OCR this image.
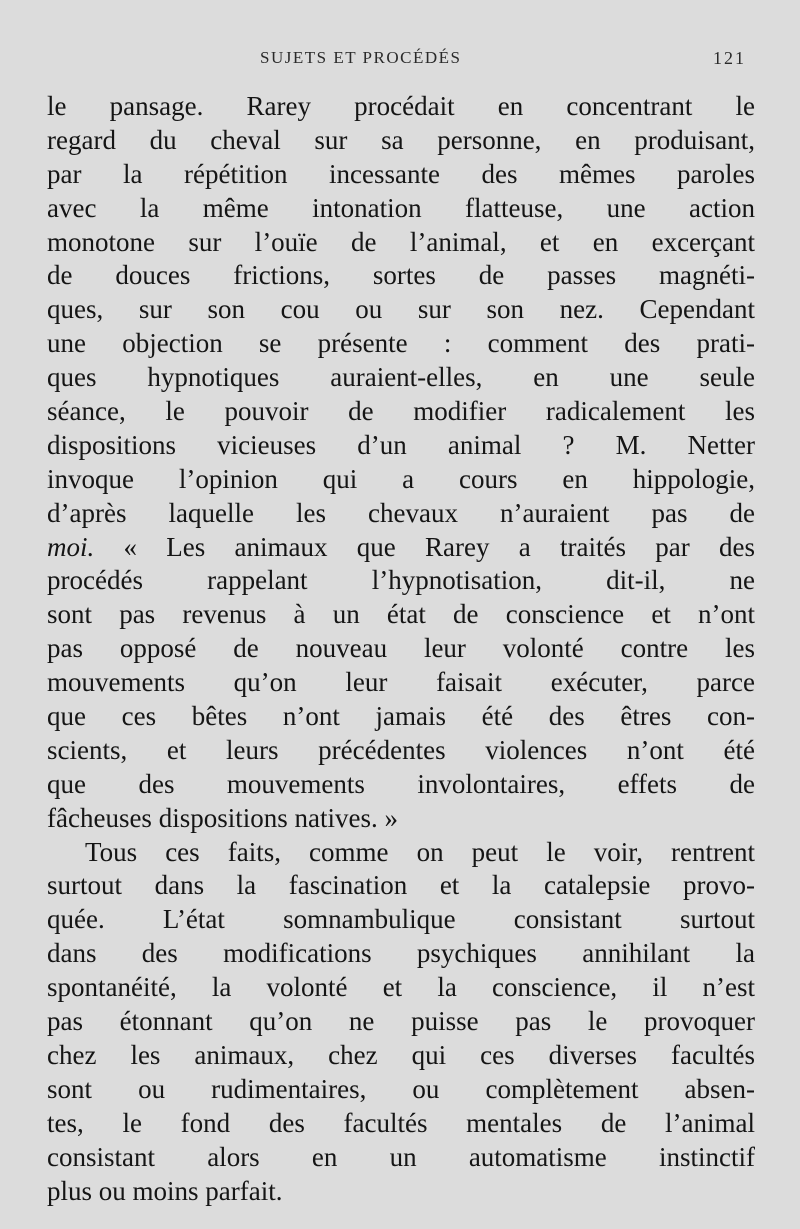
SUJETS ET PROCÉDÉS	121
le pansage. Rarey procédait en concentrant le
regard du cheval sur sa personne, en produisant,
par la répétition incessante des mêmes paroles
avec la même intonation flatteuse, une action
monotone sur l’ouïe de l’animal, et en excerçant
de douces frictions, sortes de passes magnéti-
ques, sur son cou ou sur son nez. Cependant
une objection se présente : comment des prati-
ques hypnotiques auraient-elles, en une seule
séance, le pouvoir de modifier radicalement les
dispositions vicieuses d’un animal ? M. Netter
invoque l’opinion qui a cours en hippologie,
d’après laquelle les chevaux n’auraient pas de
moi. « Les animaux que Rarey a traités par des
procédés rappelant l’hypnotisation, dit-il, ne
sont pas revenus à un état de conscience et n’ont
pas opposé de nouveau leur volonté contre les
mouvements qu’on leur faisait exécuter, parce
que ces bêtes n’ont jamais été des êtres con-
scients, et leurs précédentes violences n’ont été
que des mouvements involontaires, effets de
fâcheuses dispositions natives. »
Tous ces faits, comme on peut le voir, rentrent
surtout dans la fascination et la catalepsie provo-
quée. L’état somnambulique consistant surtout
dans des modifications psychiques annihilant la
spontanéité, la volonté et la conscience, il n’est
pas étonnant qu’on ne puisse pas le provoquer
chez les animaux, chez qui ces diverses facultés
sont ou rudimentaires, ou complètement absen-
tes, le fond des facultés mentales de l’animal
consistant alors en un automatisme instinctif
plus ou moins parfait.
